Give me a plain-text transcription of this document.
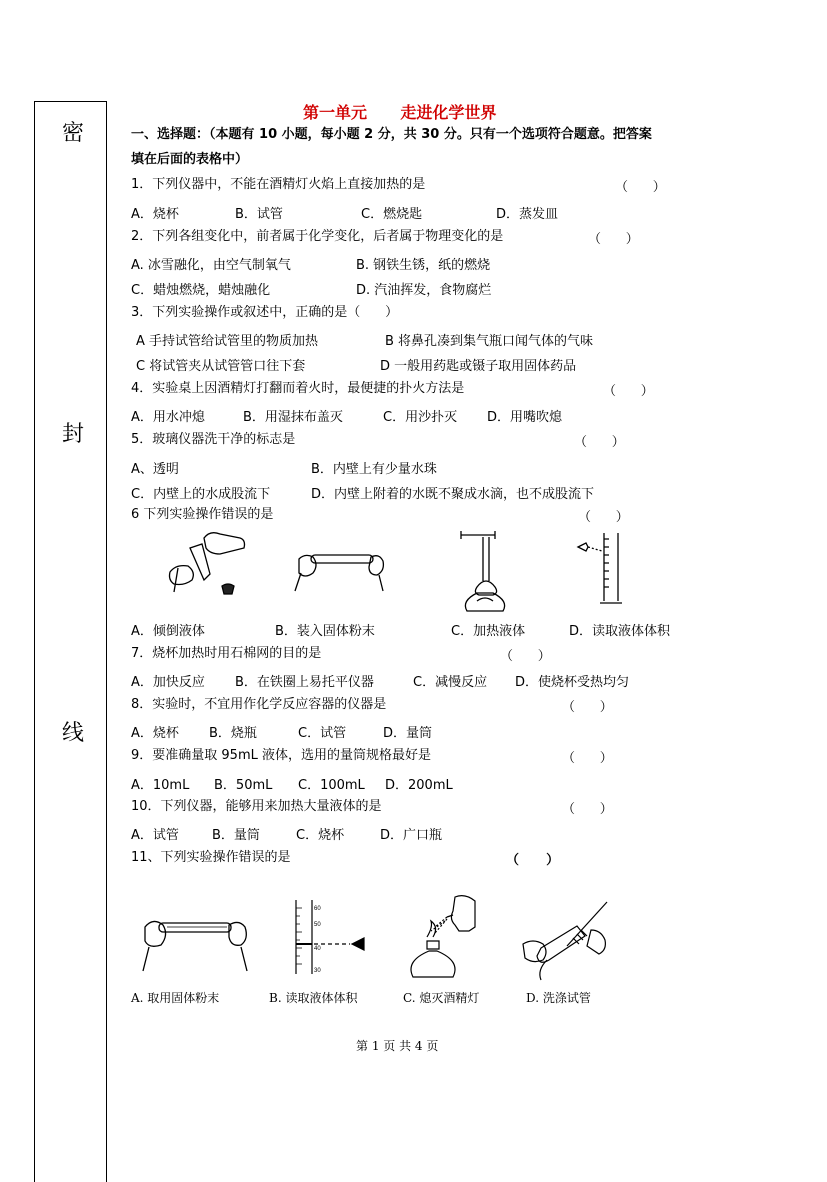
密
封
线
第一单元      走进化学世界
一、选择题：（本题有 10 小题，每小题 2 分，共 30 分。只有一个选项符合题意。把答案
填在后面的表格中）
1．下列仪器中，不能在酒精灯火焰上直接加热的是	（      ）
A．烧杯	B．试管	C．燃烧匙	D．蒸发皿
2．下列各组变化中，前者属于化学变化，后者属于物理变化的是	（      ）
A. 冰雪融化，由空气制氧气	B. 钢铁生锈，纸的燃烧
C．蜡烛燃烧，蜡烛融化	D. 汽油挥发，食物腐烂
3．下列实验操作或叙述中，正确的是（      ）
A 手持试管给试管里的物质加热	B 将鼻孔凑到集气瓶口闻气体的气味
C 将试管夹从试管管口往下套	D 一般用药匙或镊子取用固体药品
4．实验桌上因酒精灯打翻而着火时，最便捷的扑火方法是	（      ）
A．用水冲熄	B．用湿抹布盖灭	C．用沙扑灭 D．用嘴吹熄
5．玻璃仪器洗干净的标志是	（      ）
A、透明	B．内壁上有少量水珠
C．内壁上的水成股流下	D．内壁上附着的水既不聚成水滴，也不成股流下
6 下列实验操作错误的是	（      ）
A．倾倒液体	B．装入固体粉末	C．加热液体	D．读取液体体积
7．烧杯加热时用石棉网的目的是	（      ）
A．加快反应 B．在铁圈上易托平仪器	C．减慢反应 D．使烧杯受热均匀
8．实验时，不宜用作化学反应容器的仪器是	（      ）
A．烧杯 B．烧瓶	C．试管	D．量筒
9．要准确量取 95mL 液体，选用的量筒规格最好是	（      ）
A．10mL B．50mL C．100mL D．200mL
10．下列仪器，能够用来加热大量液体的是	（      ）
A．试管	B．量筒	C．烧杯	D．广口瓶
11、下列实验操作错误的是	（      ）
60
50
40
30
A. 取用固体粉末	B. 读取液体体积	C. 熄灭酒精灯	D. 洗涤试管
第 1 页 共 4 页
